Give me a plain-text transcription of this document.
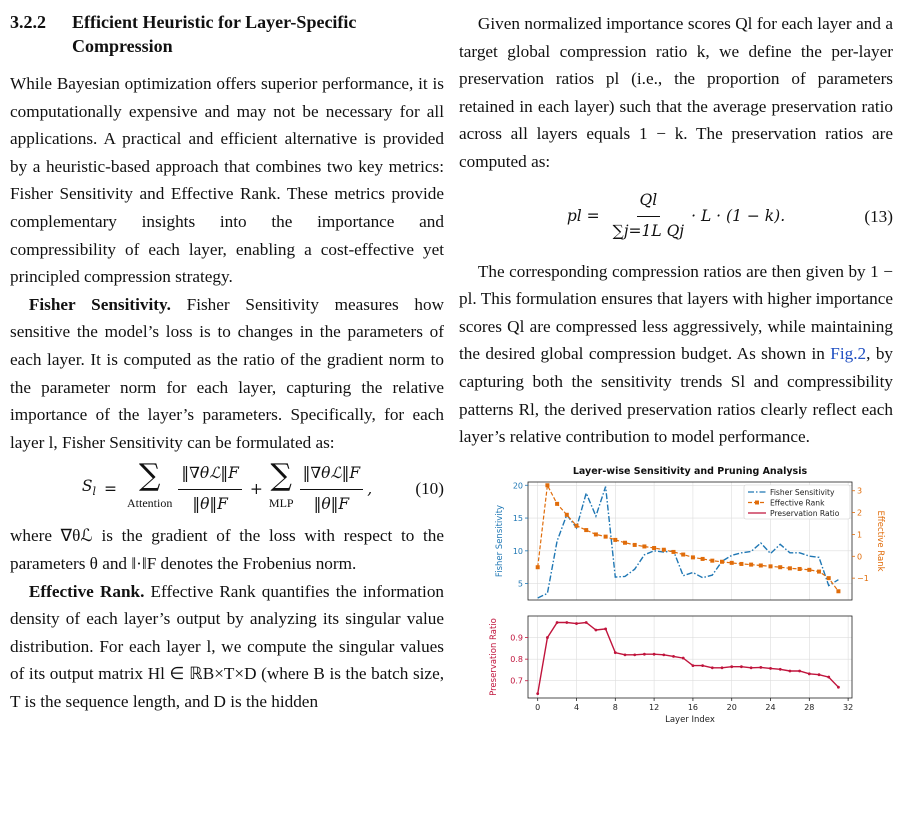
3.2.2	Efficient Heuristic for Layer-Specific Compression

While Bayesian optimization offers superior performance, it is computationally expensive and may not be necessary for all applications. A practical and efficient alternative is provided by a heuristic-based approach that combines two key metrics: Fisher Sensitivity and Effective Rank. These metrics provide complementary insights into the importance and compressibility of each layer, enabling a cost-effective yet principled compression strategy.

Fisher Sensitivity. Fisher Sensitivity measures how sensitive the model’s loss is to changes in the parameters of each layer. It is computed as the ratio of the gradient norm to the parameter norm for each layer, capturing the relative importance of the layer’s parameters. Specifically, for each layer l, Fisher Sensitivity can be formulated as:

$S_l$ = ∑
Attention $\frac{\text{‖∇θℒ‖F}}{‖\theta‖F}$ + ∑
MLP $\frac{\text{‖∇θℒ‖F}}{‖\theta‖F}$ ,	(10)

where ∇θℒ is the gradient of the loss with respect to the parameters θ and ‖·‖F denotes the Frobenius norm.

Effective Rank. Effective Rank quantifies the information density of each layer’s output by analyzing its singular value distribution. For each layer l, we compute the singular values of its output matrix Hl ∈ ℝB×T×D (where B is the batch size, T is the sequence length, and D is the hidden

Given normalized importance scores Ql for each layer and a target global compression ratio k, we define the per-layer preservation ratios pl (i.e., the proportion of parameters retained in each layer) such that the average preservation ratio across all layers equals 1 − k. The preservation ratios are computed as:

pl = $\frac{Ql}{\text{∑j=1L Qj}} \cdot L \cdot (1 - k)$.	(13)

The corresponding compression ratios are then given by 1 − pl. This formulation ensures that layers with higher importance scores Ql are compressed less aggressively, while maintaining the desired global compression budget. As shown in Fig.2, by capturing both the sensitivity trends Sl and compressibility patterns Rl, the derived preservation ratios clearly reflect each layer’s relative contribution to model performance.

Layer-wise Sensitivity and Pruning Analysis
5
10
15
20
−1
0
1
2
3
0.7
0.8
0.9
0	4	8	12	16	20	24	28	32
Layer Index
Fisher Sensitivity	Effective Rank
Preservation Ratio
Fisher Sensitivity
Effective Rank
Preservation Ratio
